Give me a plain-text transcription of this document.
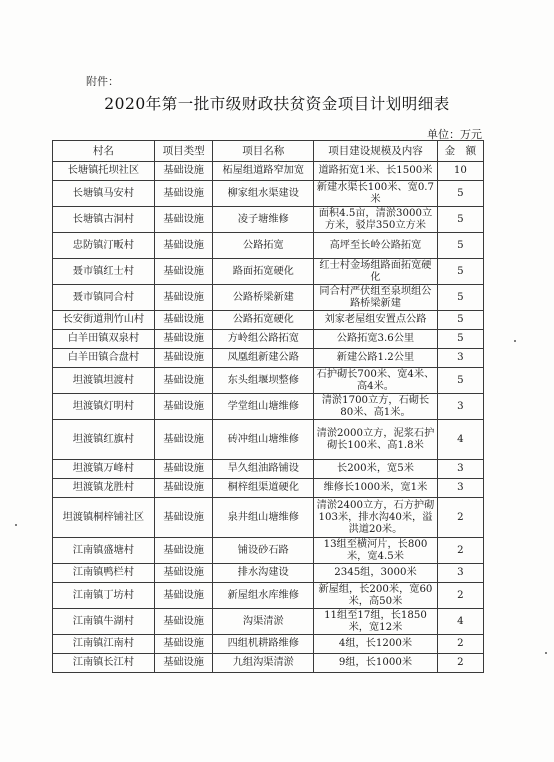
附件：
2020年第一批市级财政扶贫资金项目计划明细表
单位：万元
村名	项目类型	项目名称	项目建设规模及内容	金　额
长塘镇托坝社区	基础设施	柘屋组道路窄加宽	道路拓宽1米、长1500米	10
长塘镇马安村	基础设施	柳家组水渠建设	新建水渠长100米、宽0.7米	5
长塘镇古洞村	基础设施	凌子塘维修	面积4.5亩，清淤3000立方米，驳岸350立方米	5
忠防镇汀畈村	基础设施	公路拓宽	高坪至长岭公路拓宽	5
聂市镇红士村	基础设施	路面拓宽硬化	红士村金场组路面拓宽硬化	5
聂市镇同合村	基础设施	公路桥梁新建	同合村严伏组至泉坝组公路桥梁新建	5
长安街道荆竹山村	基础设施	公路拓宽硬化	刘家老屋组安置点公路	5
白羊田镇双泉村	基础设施	方岭组公路拓宽	公路拓宽3.6公里	5
白羊田镇合盘村	基础设施	凤凰组新建公路	新建公路1.2公里	3
坦渡镇坦渡村	基础设施	东头组堰坝整修	石护砌长700米、宽4米、高4米。	5
坦渡镇灯明村	基础设施	学堂组山塘维修	清淤1700立方，石砌长80米、高1米。	3
坦渡镇红旗村	基础设施	砖冲组山塘维修	清淤2000立方，泥浆石护砌长100米、高1.8米	4
坦渡镇万峰村	基础设施	旱久组油路铺设	长200米，宽5米	3
坦渡镇龙胜村	基础设施	桐梓组渠道硬化	维修长1000米，宽1米	3
坦渡镇桐梓铺社区	基础设施	泉井组山塘维修	清淤2400立方，石方护砌103米，排水沟40米，溢洪道20米。	2
江南镇盛塘村	基础设施	铺设砂石路	13组至横河片，长800米，宽4.5米	2
江南镇鸭栏村	基础设施	排水沟建设	2345组，3000米	3
江南镇丁坊村	基础设施	新屋组水库维修	新屋组，长200米，宽60米，高50米	2
江南镇牛湖村	基础设施	沟渠清淤	11组至17组，长1850米，宽12米	4
江南镇江南村	基础设施	四组机耕路维修	4组，长1200米	2
江南镇长江村	基础设施	九组沟渠清淤	9组，长1000米	2
